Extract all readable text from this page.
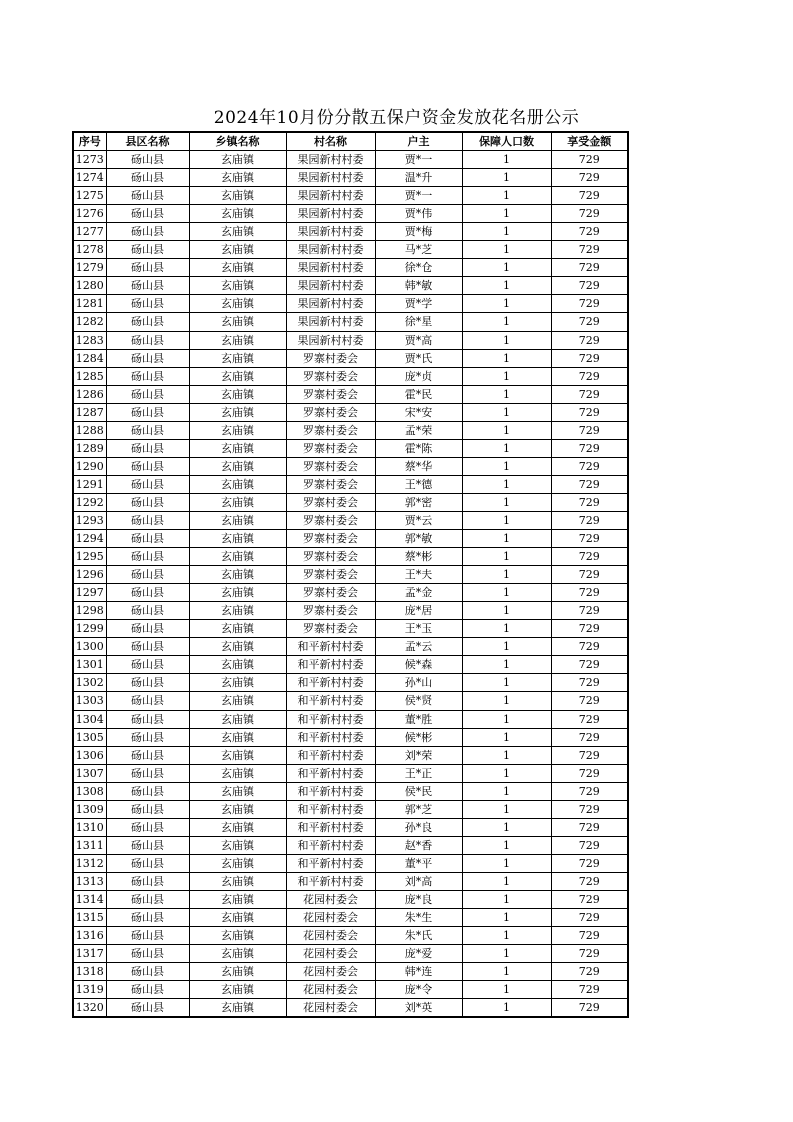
2024年10月份分散五保户资金发放花名册公示
序号	县区名称	乡镇名称	村名称	户主	保障人口数	享受金额
1273	砀山县	玄庙镇	果园新村村委	贾*一	1	729
1274	砀山县	玄庙镇	果园新村村委	温*升	1	729
1275	砀山县	玄庙镇	果园新村村委	贾*一	1	729
1276	砀山县	玄庙镇	果园新村村委	贾*伟	1	729
1277	砀山县	玄庙镇	果园新村村委	贾*梅	1	729
1278	砀山县	玄庙镇	果园新村村委	马*芝	1	729
1279	砀山县	玄庙镇	果园新村村委	徐*仓	1	729
1280	砀山县	玄庙镇	果园新村村委	韩*敏	1	729
1281	砀山县	玄庙镇	果园新村村委	贾*学	1	729
1282	砀山县	玄庙镇	果园新村村委	徐*星	1	729
1283	砀山县	玄庙镇	果园新村村委	贾*高	1	729
1284	砀山县	玄庙镇	罗寨村委会	贾*氏	1	729
1285	砀山县	玄庙镇	罗寨村委会	庞*贞	1	729
1286	砀山县	玄庙镇	罗寨村委会	霍*民	1	729
1287	砀山县	玄庙镇	罗寨村委会	宋*安	1	729
1288	砀山县	玄庙镇	罗寨村委会	孟*荣	1	729
1289	砀山县	玄庙镇	罗寨村委会	霍*陈	1	729
1290	砀山县	玄庙镇	罗寨村委会	蔡*华	1	729
1291	砀山县	玄庙镇	罗寨村委会	王*德	1	729
1292	砀山县	玄庙镇	罗寨村委会	郭*密	1	729
1293	砀山县	玄庙镇	罗寨村委会	贾*云	1	729
1294	砀山县	玄庙镇	罗寨村委会	郭*敏	1	729
1295	砀山县	玄庙镇	罗寨村委会	蔡*彬	1	729
1296	砀山县	玄庙镇	罗寨村委会	王*夫	1	729
1297	砀山县	玄庙镇	罗寨村委会	孟*金	1	729
1298	砀山县	玄庙镇	罗寨村委会	庞*居	1	729
1299	砀山县	玄庙镇	罗寨村委会	王*玉	1	729
1300	砀山县	玄庙镇	和平新村村委	孟*云	1	729
1301	砀山县	玄庙镇	和平新村村委	候*森	1	729
1302	砀山县	玄庙镇	和平新村村委	孙*山	1	729
1303	砀山县	玄庙镇	和平新村村委	侯*贤	1	729
1304	砀山县	玄庙镇	和平新村村委	董*胜	1	729
1305	砀山县	玄庙镇	和平新村村委	候*彬	1	729
1306	砀山县	玄庙镇	和平新村村委	刘*荣	1	729
1307	砀山县	玄庙镇	和平新村村委	王*正	1	729
1308	砀山县	玄庙镇	和平新村村委	侯*民	1	729
1309	砀山县	玄庙镇	和平新村村委	郭*芝	1	729
1310	砀山县	玄庙镇	和平新村村委	孙*良	1	729
1311	砀山县	玄庙镇	和平新村村委	赵*香	1	729
1312	砀山县	玄庙镇	和平新村村委	董*平	1	729
1313	砀山县	玄庙镇	和平新村村委	刘*高	1	729
1314	砀山县	玄庙镇	花园村委会	庞*良	1	729
1315	砀山县	玄庙镇	花园村委会	朱*生	1	729
1316	砀山县	玄庙镇	花园村委会	朱*氏	1	729
1317	砀山县	玄庙镇	花园村委会	庞*爱	1	729
1318	砀山县	玄庙镇	花园村委会	韩*连	1	729
1319	砀山县	玄庙镇	花园村委会	庞*令	1	729
1320	砀山县	玄庙镇	花园村委会	刘*英	1	729
